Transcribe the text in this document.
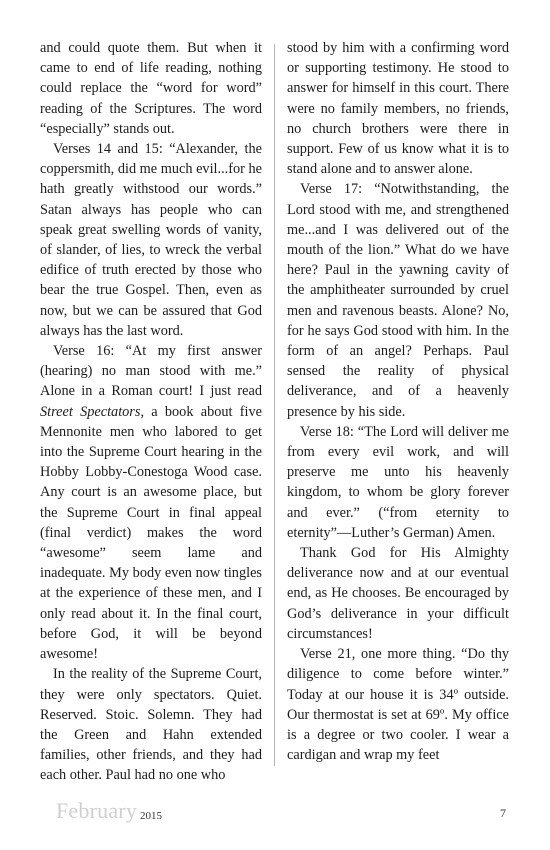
and could quote them. But when it came to end of life reading, nothing could replace the “word for word” reading of the Scriptures. The word “especially” stands out.

Verses 14 and 15: “Alexander, the coppersmith, did me much evil...for he hath greatly withstood our words.” Satan always has people who can speak great swelling words of vanity, of slander, of lies, to wreck the verbal edifice of truth erected by those who bear the true Gospel. Then, even as now, but we can be assured that God always has the last word.

Verse 16: “At my first answer (hearing) no man stood with me.” Alone in a Roman court! I just read Street Spectators, a book about five Mennonite men who labored to get into the Supreme Court hearing in the Hobby Lobby-Conestoga Wood case. Any court is an awesome place, but the Supreme Court in final appeal (final verdict) makes the word “awesome” seem lame and inadequate. My body even now tingles at the experience of these men, and I only read about it. In the final court, before God, it will be beyond awesome!

In the reality of the Supreme Court, they were only spectators. Quiet. Reserved. Stoic. Solemn. They had the Green and Hahn extended families, other friends, and they had each other. Paul had no one who

stood by him with a confirming word or supporting testimony. He stood to answer for himself in this court. There were no family members, no friends, no church brothers were there in support. Few of us know what it is to stand alone and to answer alone.

Verse 17: “Notwithstanding, the Lord stood with me, and strengthened me...and I was delivered out of the mouth of the lion.” What do we have here? Paul in the yawning cavity of the amphitheater surrounded by cruel men and ravenous beasts. Alone? No, for he says God stood with him. In the form of an angel? Perhaps. Paul sensed the reality of physical deliverance, and of a heavenly presence by his side.

Verse 18: “The Lord will deliver me from every evil work, and will preserve me unto his heavenly kingdom, to whom be glory forever and ever.” (“from eternity to eternity”—Luther’s German) Amen.

Thank God for His Almighty deliverance now and at our eventual end, as He chooses. Be encouraged by God’s deliverance in your difficult circumstances!

Verse 21, one more thing. “Do thy diligence to come before winter.” Today at our house it is 34º outside. Our thermostat is set at 69º. My office is a degree or two cooler. I wear a cardigan and wrap my feet

February 2015	7
